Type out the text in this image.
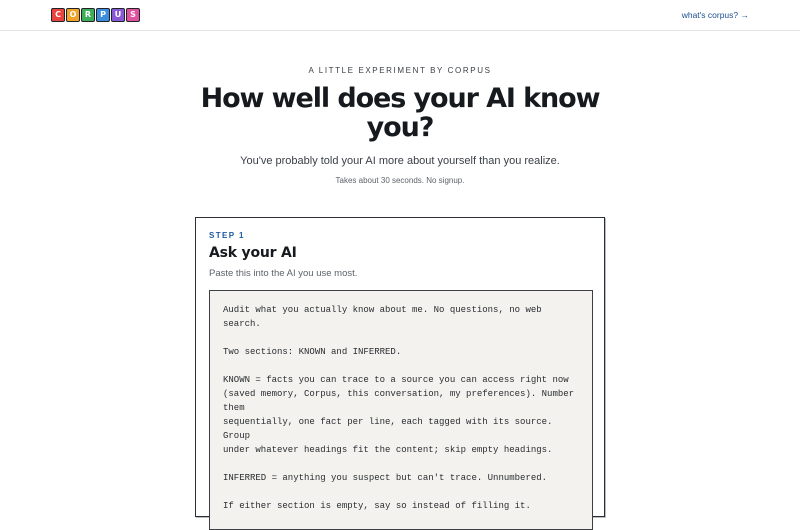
C	O	R	P	U	S	what's corpus? →
A LITTLE EXPERIMENT BY CORPUS
How well does your AI know you?

You've probably told your AI more about yourself than you realize.

Takes about 30 seconds. No signup.

STEP 1
Ask your AI

Paste this into the AI you use most.

Audit what you actually know about me. No questions, no web search.

Two sections: KNOWN and INFERRED.

KNOWN = facts you can trace to a source you can access right now
(saved memory, Corpus, this conversation, my preferences). Number
them
sequentially, one fact per line, each tagged with its source. Group
under whatever headings fit the content; skip empty headings.

INFERRED = anything you suspect but can't trace. Unnumbered.

If either section is empty, say so instead of filling it.
